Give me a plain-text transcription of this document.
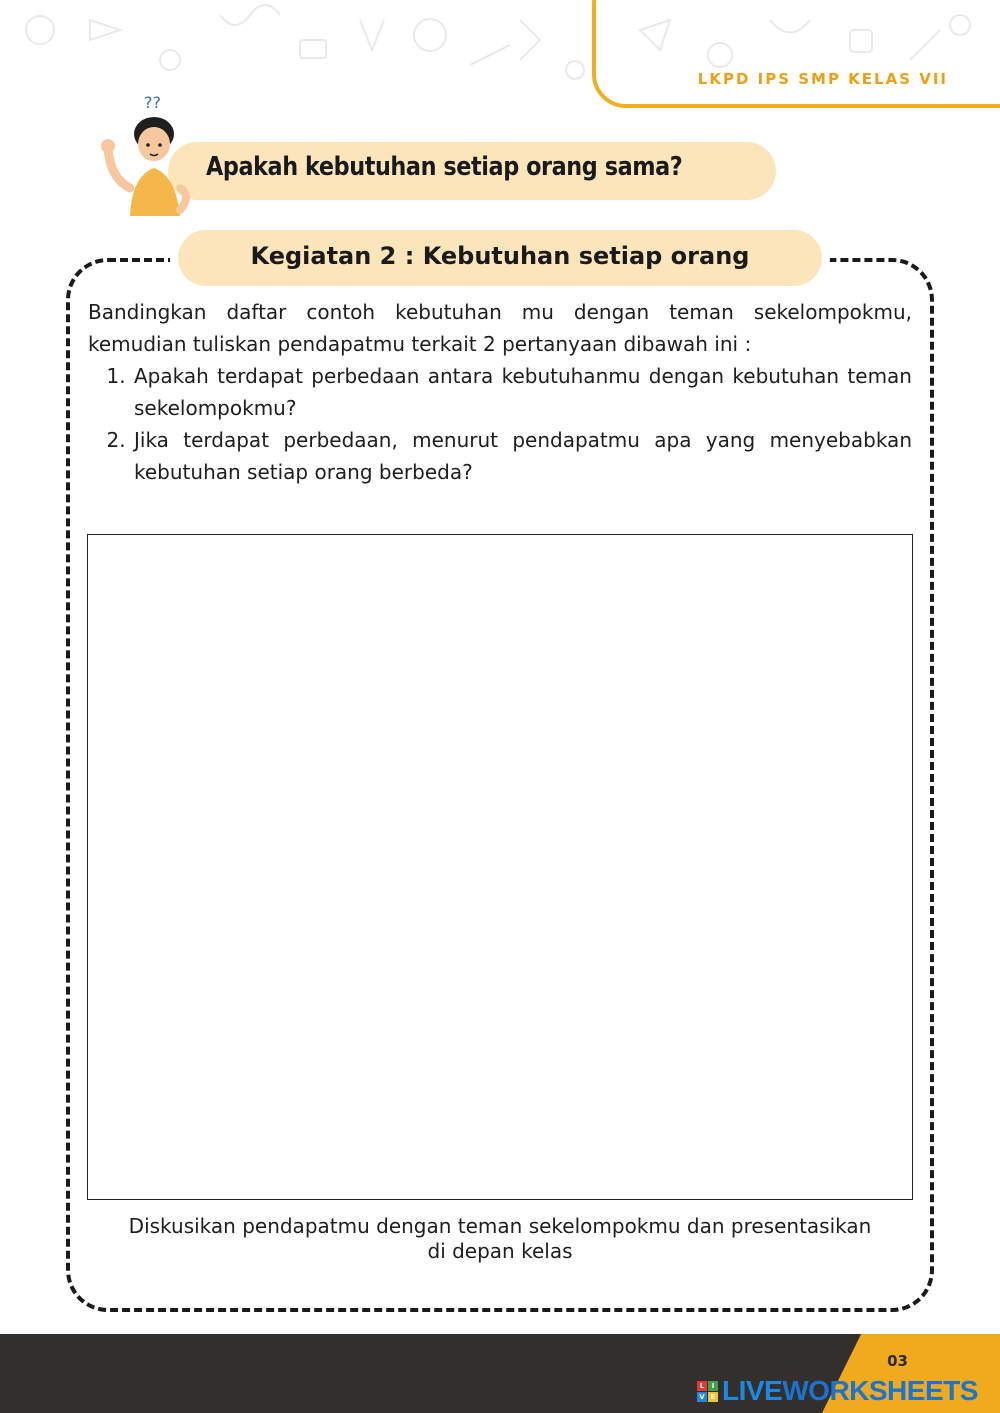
LKPD IPS SMP KELAS VII
??
Apakah kebutuhan setiap orang sama?
Kegiatan 2 : Kebutuhan setiap orang

Bandingkan daftar contoh kebutuhan mu dengan teman sekelompokmu, kemudian tuliskan pendapatmu terkait 2 pertanyaan dibawah ini :

1. Apakah terdapat perbedaan antara kebutuhanmu dengan kebutuhan teman sekelompokmu?
2. Jika terdapat perbedaan, menurut pendapatmu apa yang menyebabkan kebutuhan setiap orang berbeda?
Diskusikan pendapatmu dengan teman sekelompokmu dan presentasikan di depan kelas
03
L	I
V E LIVEWORKSHEETS
